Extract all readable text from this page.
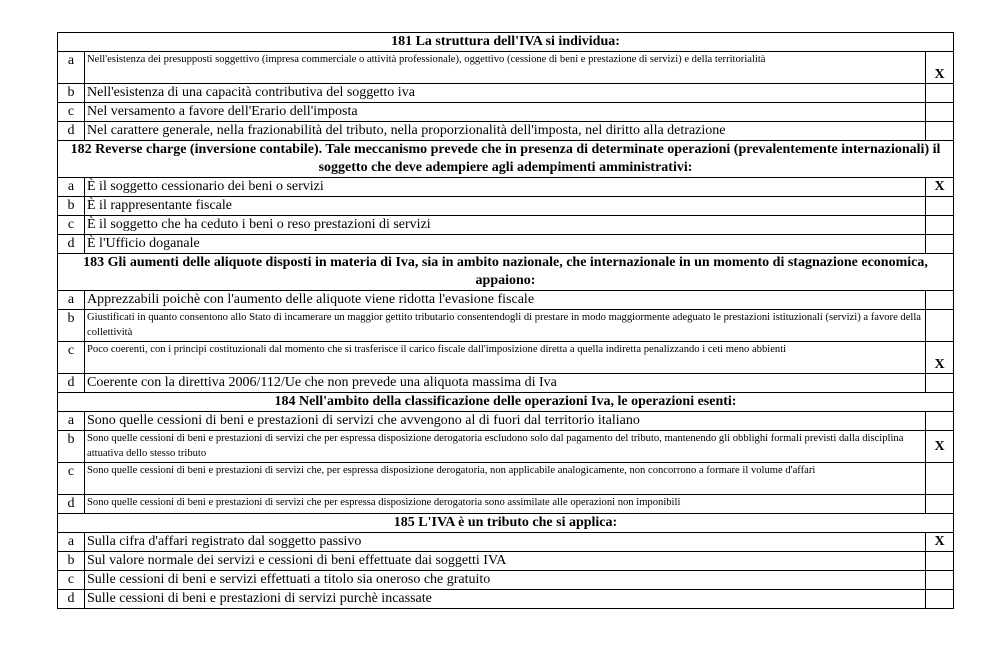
181 La struttura dell'IVA si individua:		
a	Nell'esistenza dei presupposti soggettivo (impresa commerciale o attività professionale), oggettivo (cessione di beni e prestazione di servizi) e della territorialità	X
b	Nell'esistenza di una capacità contributiva del soggetto iva	
c	Nel versamento a favore dell'Erario dell'imposta	
d	Nel carattere generale, nella frazionabilità del tributo, nella proporzionalità dell'imposta, nel diritto alla detrazione	
182 Reverse charge (inversione contabile). Tale meccanismo prevede che in presenza di determinate operazioni (prevalentemente internazionali) il soggetto che deve adempiere agli adempimenti amministrativi:		
a	È il soggetto cessionario dei beni o servizi	X
b	È il rappresentante fiscale	
c	È il soggetto che ha ceduto i beni o reso prestazioni di servizi	
d	È l'Ufficio doganale	
183 Gli aumenti delle aliquote disposti in materia di Iva, sia in ambito nazionale, che internazionale in un momento di stagnazione economica, appaiono:		
a	Apprezzabili poichè con l'aumento delle aliquote viene ridotta l'evasione fiscale	
b	Giustificati in quanto consentono allo Stato di incamerare un maggior gettito tributario consentendogli di prestare in modo maggiormente adeguato le prestazioni istituzionali (servizi) a favore della collettività	
c	Poco coerenti, con i principi costituzionali dal momento che si trasferisce il carico fiscale dall'imposizione diretta a quella indiretta penalizzando i ceti meno abbienti	X
d	Coerente con la direttiva 2006/112/Ue che non prevede una aliquota massima di Iva	
184 Nell'ambito della classificazione delle operazioni Iva, le operazioni esenti:		
a	Sono quelle cessioni di beni e prestazioni di servizi che avvengono al di fuori dal territorio italiano	
b	Sono quelle cessioni di beni e prestazioni di servizi che per espressa disposizione derogatoria escludono solo dal pagamento del tributo, mantenendo gli obblighi formali previsti dalla disciplina attuativa dello stesso tributo	X
c	Sono quelle cessioni di beni e prestazioni di servizi che, per espressa disposizione derogatoria, non applicabile analogicamente, non concorrono a formare il volume d'affari	
d	Sono quelle cessioni di beni e prestazioni di servizi che per espressa disposizione derogatoria sono assimilate alle operazioni non imponibili	
185 L'IVA è un tributo che si applica:		
a	Sulla cifra d'affari registrato dal soggetto passivo	X
b	Sul valore normale dei servizi e cessioni di beni effettuate dai soggetti IVA	
c	Sulle cessioni di beni e servizi effettuati a titolo sia oneroso che gratuito	
d	Sulle cessioni di beni e prestazioni di servizi purchè incassate	
